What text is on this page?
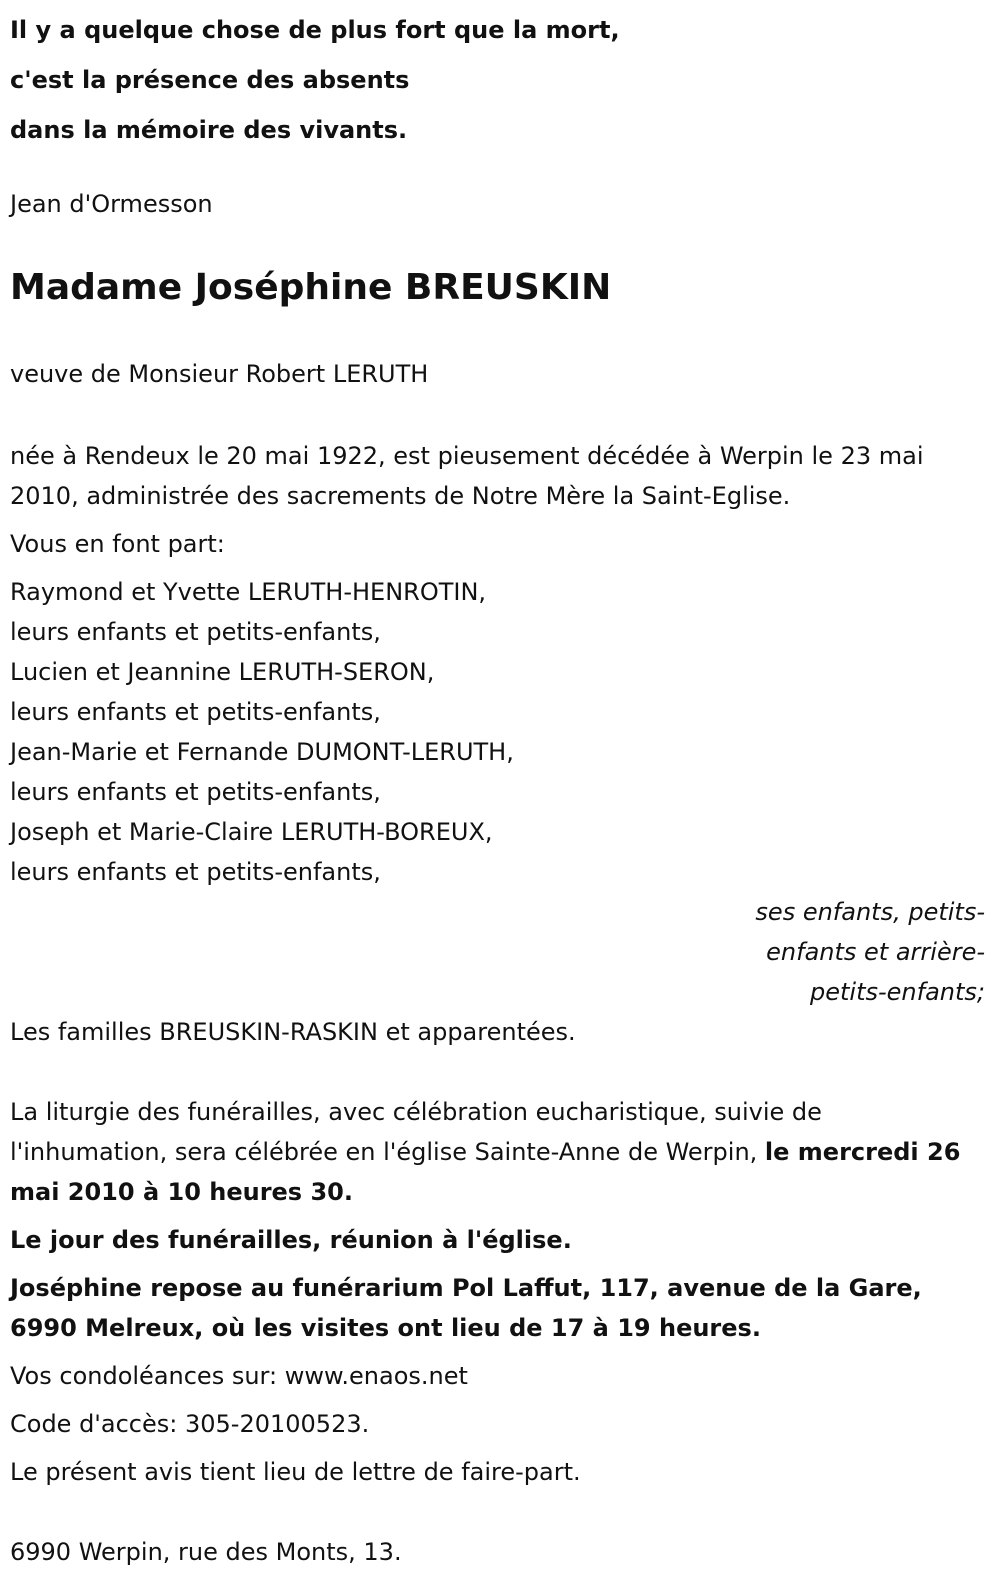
Il y a quelque chose de plus fort que la mort,

c'est la présence des absents

dans la mémoire des vivants.

Jean d'Ormesson

Madame Joséphine BREUSKIN

veuve de Monsieur Robert LERUTH

née à Rendeux le 20 mai 1922, est pieusement décédée à Werpin le 23 mai 2010, administrée des sacrements de Notre Mère la Saint-Eglise.

Vous en font part:

Raymond et Yvette LERUTH-HENROTIN,

leurs enfants et petits-enfants,

Lucien et Jeannine LERUTH-SERON,

leurs enfants et petits-enfants,

Jean-Marie et Fernande DUMONT-LERUTH,

leurs enfants et petits-enfants,

Joseph et Marie-Claire LERUTH-BOREUX,

leurs enfants et petits-enfants,

ses enfants, petits-

enfants et arrière-

petits-enfants;

Les familles BREUSKIN-RASKIN et apparentées.

La liturgie des funérailles, avec célébration eucharistique, suivie de l'inhumation, sera célébrée en l'église Sainte-Anne de Werpin, le mercredi 26 mai 2010 à 10 heures 30.

Le jour des funérailles, réunion à l'église.

Joséphine repose au funérarium Pol Laffut, 117, avenue de la Gare, 6990 Melreux, où les visites ont lieu de 17 à 19 heures.

Vos condoléances sur: www.enaos.net

Code d'accès: 305-20100523.

Le présent avis tient lieu de lettre de faire-part.

6990 Werpin, rue des Monts, 13.
